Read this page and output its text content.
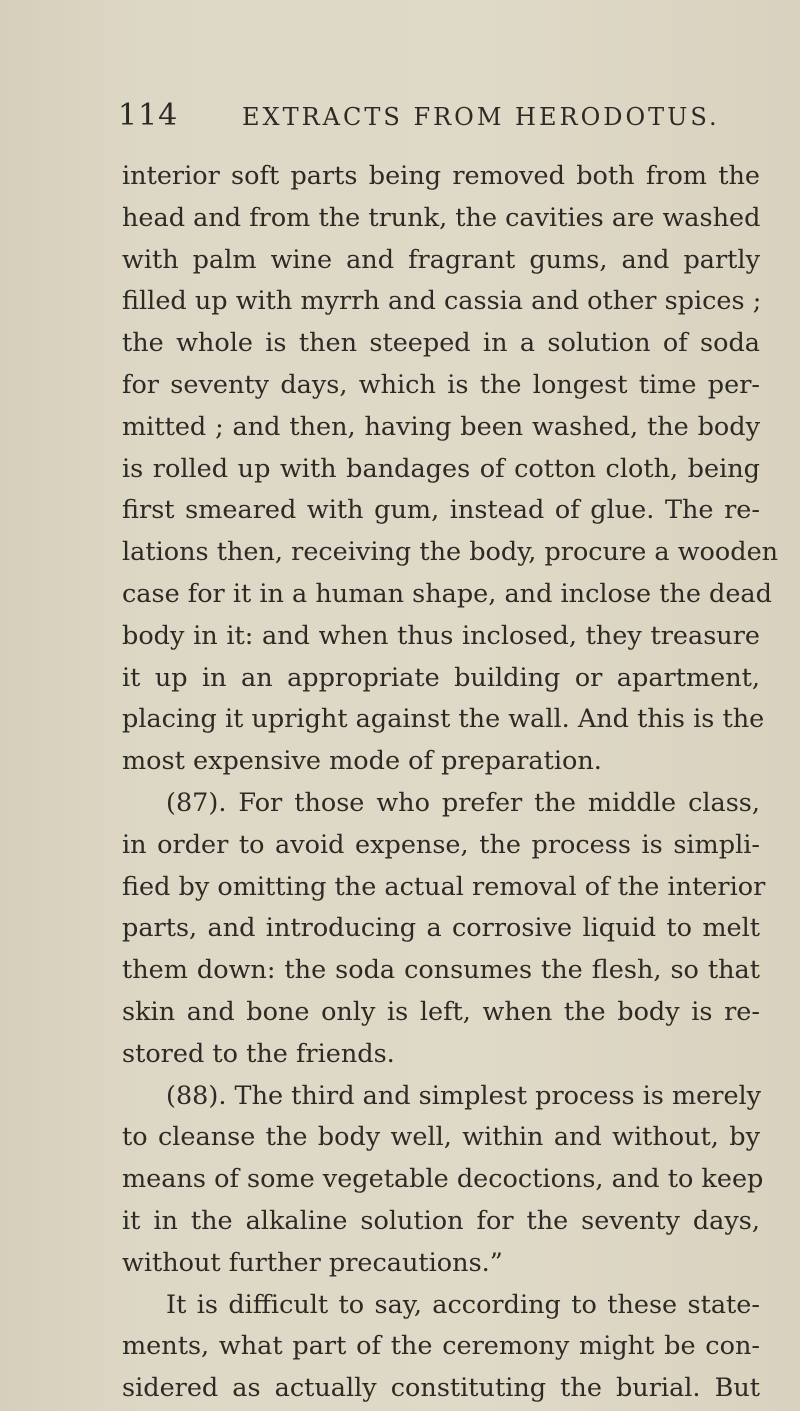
114	EXTRACTS FROM HERODOTUS.
interior soft parts being removed both from the
head and from the trunk, the cavities are washed
with palm wine and fragrant gums, and partly
filled up with myrrh and cassia and other spices ;
the whole is then steeped in a solution of soda
for seventy days, which is the longest time per-
mitted ; and then, having been washed, the body
is rolled up with bandages of cotton cloth, being
first smeared with gum, instead of glue. The re-
lations then, receiving the body, procure a wooden
case for it in a human shape, and inclose the dead
body in it: and when thus inclosed, they treasure
it up in an appropriate building or apartment,
placing it upright against the wall. And this is the
most expensive mode of preparation.
(87). For those who prefer the middle class,
in order to avoid expense, the process is simpli-
fied by omitting the actual removal of the interior
parts, and introducing a corrosive liquid to melt
them down: the soda consumes the flesh, so that
skin and bone only is left, when the body is re-
stored to the friends.
(88). The third and simplest process is merely
to cleanse the body well, within and without, by
means of some vegetable decoctions, and to keep
it in the alkaline solution for the seventy days,
without further precautions.”
It is difficult to say, according to these state-
ments, what part of the ceremony might be con-
sidered as actually constituting the burial. But
